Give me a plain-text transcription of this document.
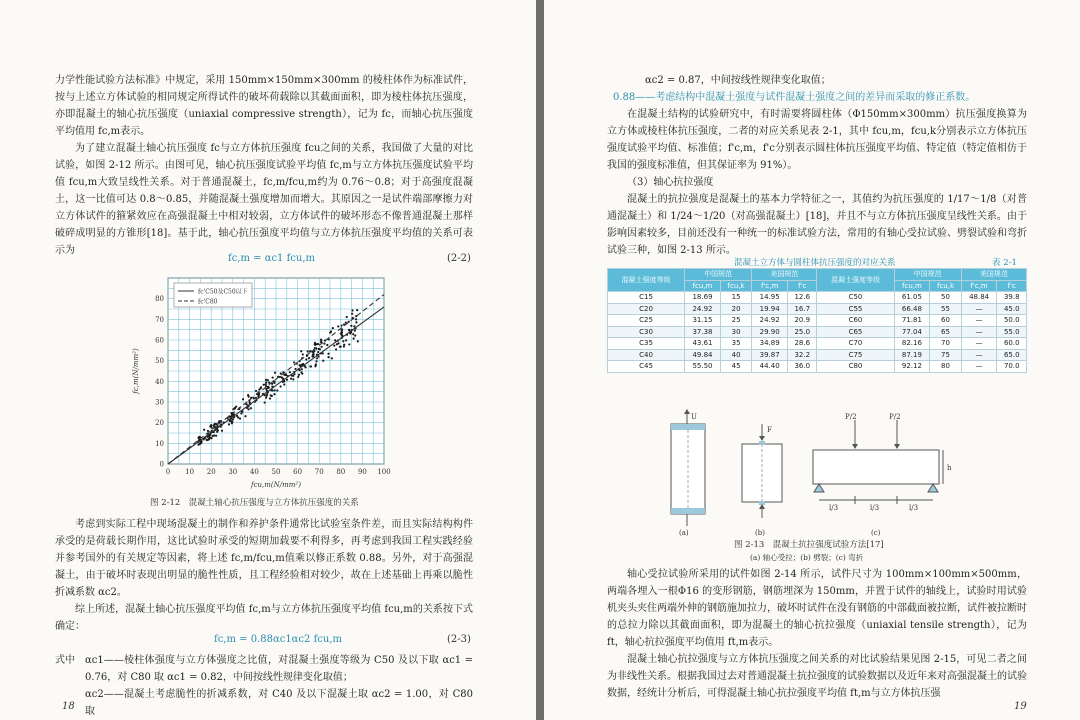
力学性能试验方法标准》中规定，采用 150mm×150mm×300mm 的棱柱体作为标准试件，按与上述立方体试验的相同规定所得试件的破坏荷载除以其截面面积，即为棱柱体抗压强度，亦即混凝土的轴心抗压强度（uniaxial compressive strength），记为 fc，而轴心抗压强度平均值用 fc,m表示。

为了建立混凝土轴心抗压强度 fc与立方体抗压强度 fcu之间的关系，我国做了大量的对比试验，如图 2-12 所示。由图可见，轴心抗压强度试验平均值 fc,m与立方体抗压强度试验平均值 fcu,m大致呈线性关系。对于普通混凝土，fc,m/fcu,m约为 0.76～0.8；对于高强度混凝土，这一比值可达 0.8～0.85，并随混凝土强度增加而增大。其原因之一是试件端部摩擦力对立方体试件的箍紧效应在高强混凝土中相对较弱，立方体试件的破坏形态不像普通混凝土那样破碎成明显的方锥形[18]。基于此，轴心抗压强度平均值与立方体抗压强度平均值的关系可表示为

fc,m = αc1 fcu,m	(2-2)
0 10 20 30 40 50 60 70 80 90 100
0
10
20
30
40
50
60
70
80
fcu,m(N/mm²)
fc,m(N/mm²)
fc'C50及C50以下
fc'C80
图 2-12　混凝土轴心抗压强度与立方体抗压强度的关系

考虑到实际工程中现场混凝土的制作和养护条件通常比试验室条件差，而且实际结构构件承受的是荷载长期作用，这比试验时承受的短期加载要不利得多，再考虑到我国工程实践经验并参考国外的有关规定等因素，将上述 fc,m/fcu,m值乘以修正系数 0.88。另外，对于高强混凝土，由于破坏时表现出明显的脆性性质，且工程经验相对较少，故在上述基础上再乘以脆性折减系数 αc2。

综上所述，混凝土轴心抗压强度平均值 fc,m与立方体抗压强度平均值 fcu,m的关系按下式确定：

fc,m = 0.88αc1αc2 fcu,m	(2-3)
式中	αc1——棱柱体强度与立方体强度之比值，对混凝土强度等级为 C50 及以下取 αc1 = 0.76，对 C80 取 αc1 = 0.82，中间按线性规律变化取值；

αc2——混凝土考虑脆性的折减系数，对 C40 及以下混凝土取 αc2 = 1.00，对 C80 取

18

αc2 = 0.87，中间按线性规律变化取值；

0.88——考虑结构中混凝土强度与试件混凝土强度之间的差异而采取的修正系数。

在混凝土结构的试验研究中，有时需要将圆柱体（Φ150mm×300mm）抗压强度换算为立方体或棱柱体抗压强度，二者的对应关系见表 2-1，其中 fcu,m，fcu,k分别表示立方体抗压强度试验平均值、标准值；f'c,m，f'c分别表示圆柱体抗压强度平均值、特定值（特定值相仿于我国的强度标准值，但其保证率为 91%）。

（3）轴心抗拉强度

混凝土的抗拉强度是混凝土的基本力学特征之一，其值约为抗压强度的 1/17～1/8（对普通混凝土）和 1/24～1/20（对高强混凝土）[18]，并且不与立方体抗压强度呈线性关系。由于影响因素较多，目前还没有一种统一的标准试验方法，常用的有轴心受拉试验、劈裂试验和弯折试验三种，如图 2-13 所示。

混凝土立方体与圆柱体抗压强度的对应关系	表 2-1
混凝土强度等级	中国规范		美国规范		混凝土强度等级	中国规范		美国规范	
	fcu,m	fcu,k	f'c,m	f'c		fcu,m	fcu,k	f'c,m	f'c
C15	18.69	15	14.95	12.6	C50	61.05	50	48.84	39.8
C20	24.92	20	19.94	16.7	C55	66.48	55	—	45.0
C25	31.15	25	24.92	20.9	C60	71.81	60	—	50.0
C30	37.38	30	29.90	25.0	C65	77.04	65	—	55.0
C35	43.61	35	34.89	28.6	C70	82.16	70	—	60.0
C40	49.84	40	39.87	32.2	C75	87.19	75	—	65.0
C45	55.50	45	44.40	36.0	C80	92.12	80	—	70.0
U
(a)
F
(b)
P/2	P/2
h
l/3	l/3	l/3
(c)
图 2-13　混凝土抗拉强度试验方法[17]
(a) 轴心受拉；(b) 劈裂；(c) 弯折

轴心受拉试验所采用的试件如图 2-14 所示，试件尺寸为 100mm×100mm×500mm，两端各埋入一根Φ16 的变形钢筋，钢筋埋深为 150mm，并置于试件的轴线上，试验时用试验机夹头夹住两端外伸的钢筋施加拉力，破坏时试件在没有钢筋的中部截面被拉断，试件被拉断时的总拉力除以其截面面积，即为混凝土的轴心抗拉强度（uniaxial tensile strength），记为 ft，轴心抗拉强度平均值用 ft,m表示。

混凝土轴心抗拉强度与立方体抗压强度之间关系的对比试验结果见图 2-15，可见二者之间为非线性关系。根据我国过去对普通混凝土抗拉强度的试验数据以及近年来对高强混凝土的试验数据，经统计分析后，可得混凝土轴心抗拉强度平均值 ft,m与立方体抗压强

19
